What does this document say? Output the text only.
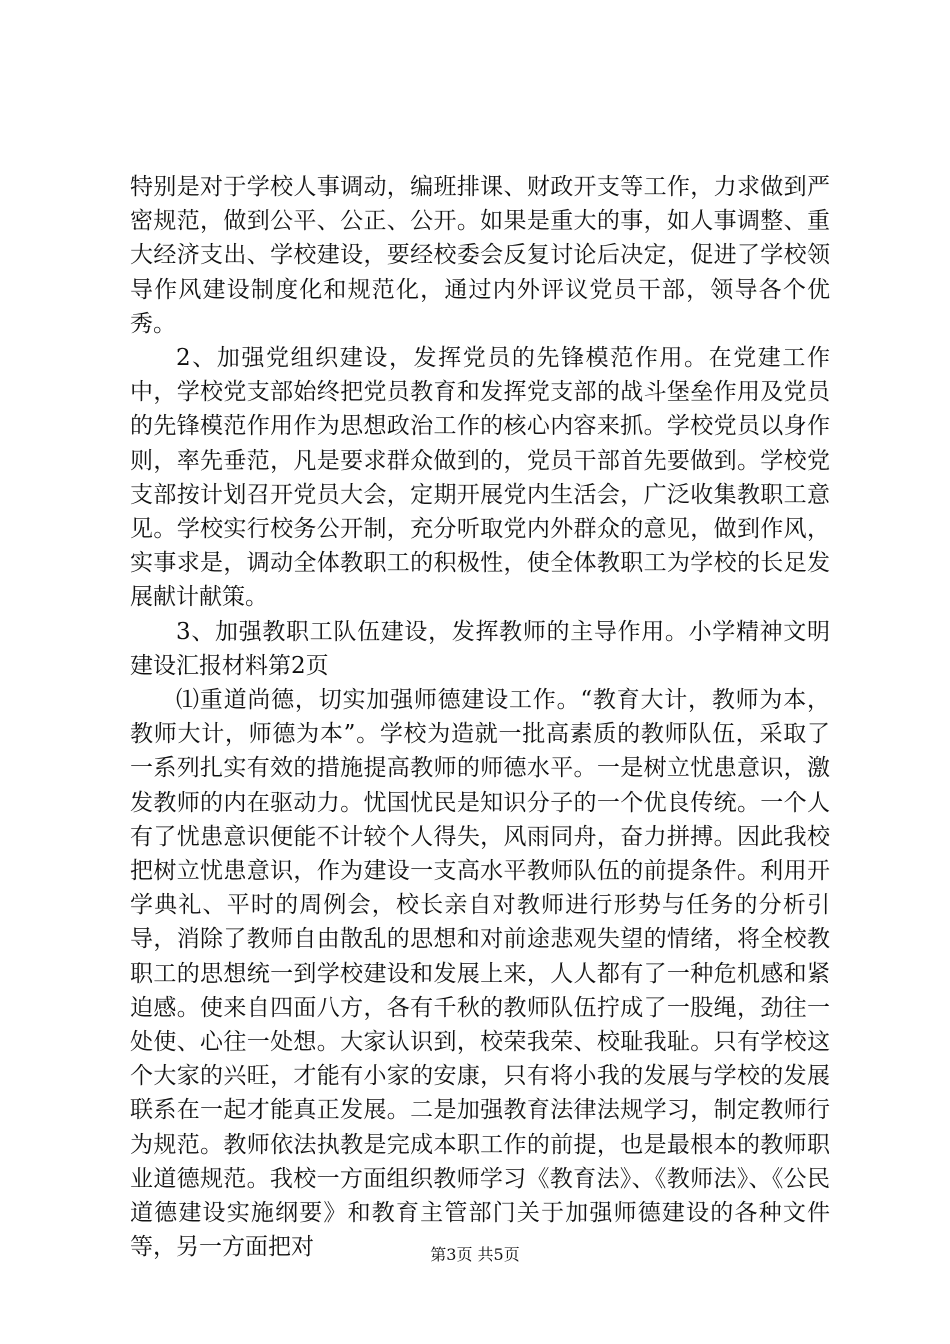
特别是对于学校人事调动，编班排课、财政开支等工作，力求做到严密规范，做到公平、公正、公开。如果是重大的事，如人事调整、重大经济支出、学校建设，要经校委会反复讨论后决定，促进了学校领导作风建设制度化和规范化，通过内外评议党员干部，领导各个优秀。

2、加强党组织建设，发挥党员的先锋模范作用。在党建工作中，学校党支部始终把党员教育和发挥党支部的战斗堡垒作用及党员的先锋模范作用作为思想政治工作的核心内容来抓。学校党员以身作则，率先垂范，凡是要求群众做到的，党员干部首先要做到。学校党支部按计划召开党员大会，定期开展党内生活会，广泛收集教职工意见。学校实行校务公开制，充分听取党内外群众的意见，做到作风，实事求是，调动全体教职工的积极性，使全体教职工为学校的长足发展献计献策。

3、加强教职工队伍建设，发挥教师的主导作用。小学精神文明建设汇报材料第2页

⑴重道尚德，切实加强师德建设工作。“教育大计，教师为本，教师大计，师德为本”。学校为造就一批高素质的教师队伍，采取了一系列扎实有效的措施提高教师的师德水平。一是树立忧患意识，激发教师的内在驱动力。忧国忧民是知识分子的一个优良传统。一个人有了忧患意识便能不计较个人得失，风雨同舟，奋力拼搏。因此我校把树立忧患意识，作为建设一支高水平教师队伍的前提条件。利用开学典礼、平时的周例会，校长亲自对教师进行形势与任务的分析引导，消除了教师自由散乱的思想和对前途悲观失望的情绪，将全校教职工的思想统一到学校建设和发展上来，人人都有了一种危机感和紧迫感。使来自四面八方，各有千秋的教师队伍拧成了一股绳，劲往一处使、心往一处想。大家认识到，校荣我荣、校耻我耻。只有学校这个大家的兴旺，才能有小家的安康，只有将小我的发展与学校的发展联系在一起才能真正发展。二是加强教育法律法规学习，制定教师行为规范。教师依法执教是完成本职工作的前提，也是最根本的教师职业道德规范。我校一方面组织教师学习《教育法》、《教师法》、《公民道德建设实施纲要》和教育主管部门关于加强师德建设的各种文件等，另一方面把对	第3页 共5页
